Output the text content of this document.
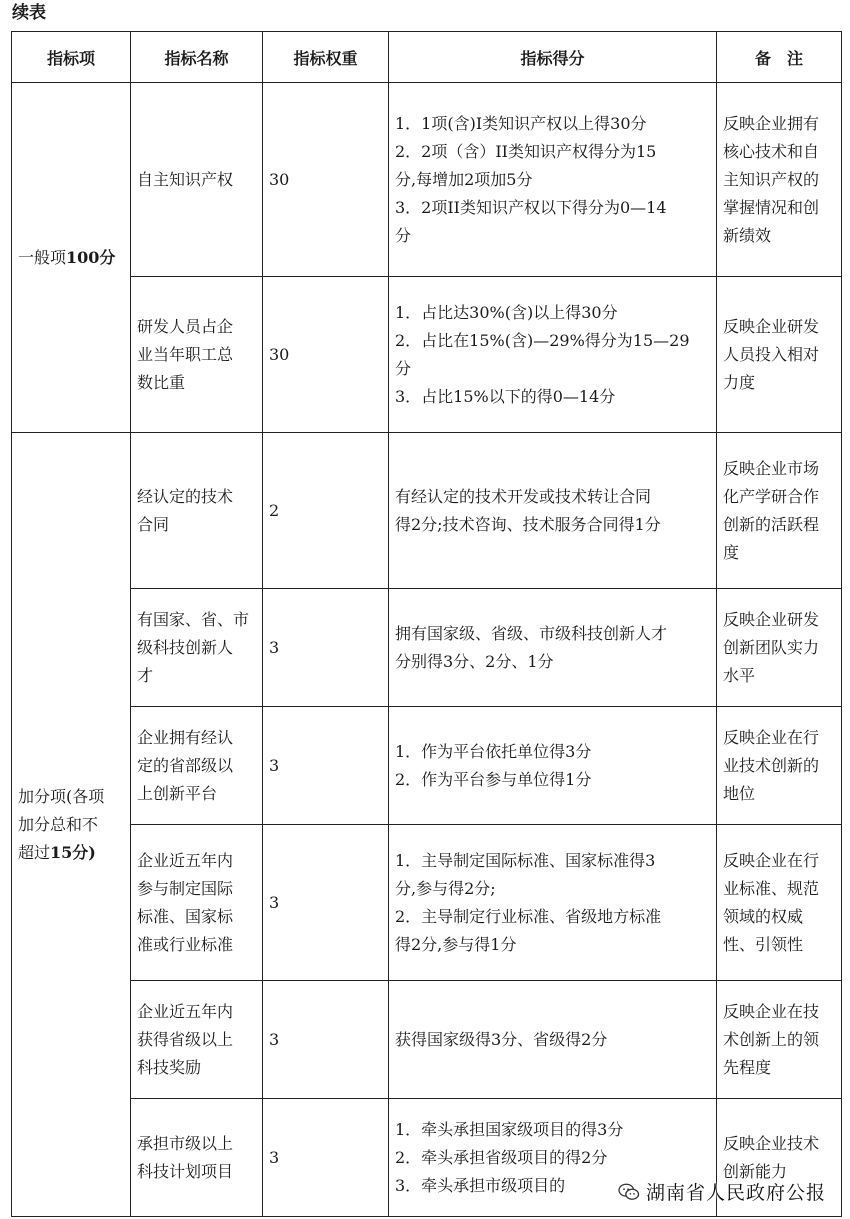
续表
指标项	指标名称	指标权重	指标得分	备　注

一般项100分	自主知识产权	30	1．1项(含)I类知识产权以上得30分
2．2项（含）II类知识产权得分为15
分,每增加2项加5分
3．2项II类知识产权以下得分为0—14
分	反映企业拥有
核心技术和自
主知识产权的
掌握情况和创
新绩效

	研发人员占企
业当年职工总
数比重	30	1．占比达30%(含)以上得30分
2．占比在15%(含)—29%得分为15—29
分
3．占比15%以下的得0—14分	反映企业研发
人员投入相对
力度

加分项(各项
加分总和不
超过15分)	经认定的技术
合同	2	有经认定的技术开发或技术转让合同
得2分;技术咨询、技术服务合同得1分	反映企业市场
化产学研合作
创新的活跃程
度

	有国家、省、市
级科技创新人
才	3	拥有国家级、省级、市级科技创新人才
分别得3分、2分、1分	反映企业研发
创新团队实力
水平

	企业拥有经认
定的省部级以
上创新平台	3	1．作为平台依托单位得3分
2．作为平台参与单位得1分	反映企业在行
业技术创新的
地位

	企业近五年内
参与制定国际
标准、国家标
准或行业标准	3	1．主导制定国际标准、国家标准得3
分,参与得2分;
2．主导制定行业标准、省级地方标准
得2分,参与得1分	反映企业在行
业标准、规范
领域的权威
性、引领性

	企业近五年内
获得省级以上
科技奖励	3	获得国家级得3分、省级得2分	反映企业在技
术创新上的领
先程度

	承担市级以上
科技计划项目	3	1．牵头承担国家级项目的得3分
2．牵头承担省级项目的得2分
3．牵头承担市级项目的	反映企业技术
创新能力
湖南省人民政府公报
